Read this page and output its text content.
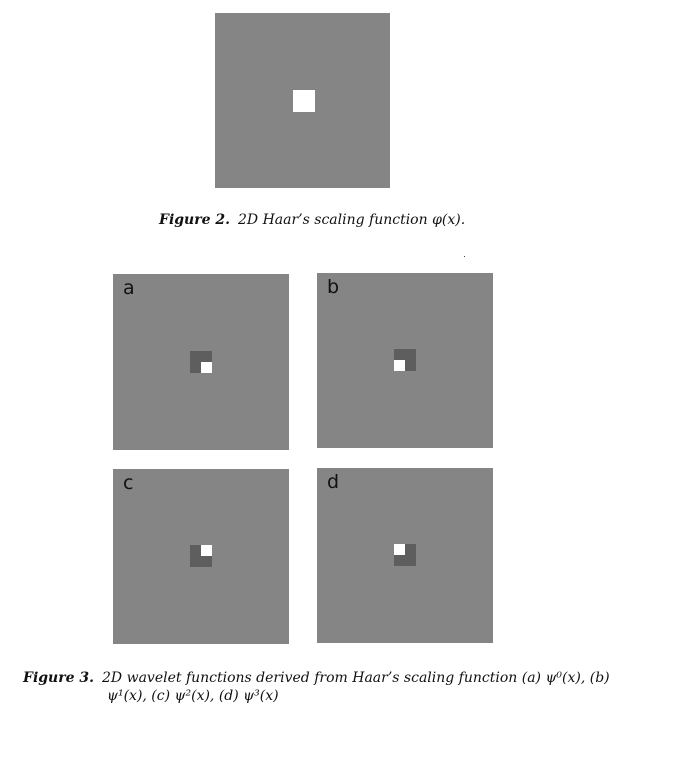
Figure 2. 2D Haar’s scaling function φ(x).
a	b
c	d
Figure 3. 2D wavelet functions derived from Haar’s scaling function (a) ψ⁰(x), (b)
ψ¹(x), (c) ψ²(x), (d) ψ³(x)
